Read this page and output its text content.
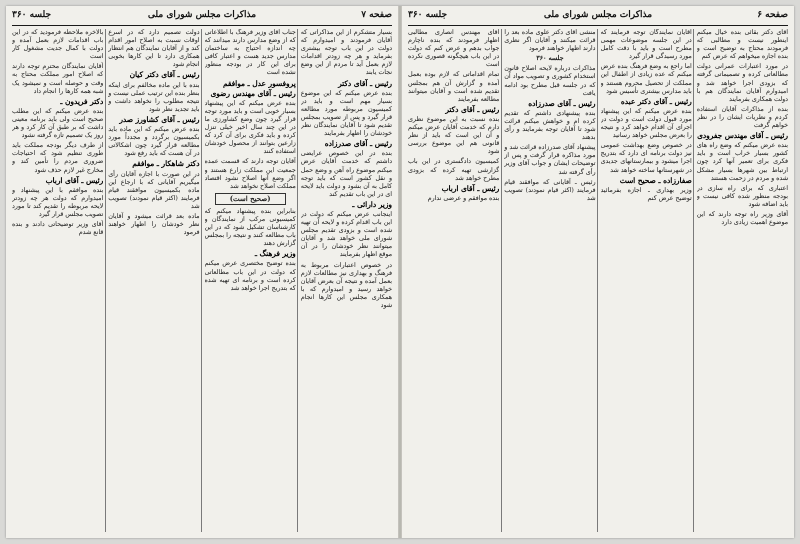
صفحه ۷
مذاکرات مجلس شورای ملی
جلسه ۳۶۰

بسیار متشکرم از این مذاکراتی که آقایان فرمودند و امیدوارم که دولت در این باب توجه بیشتری بفرماید و هر چه زودتر اقدامات لازم بعمل آید تا مردم از این وضع نجات یابند

رئیس ـ آقای دکتر

بنده عرض میکنم که این موضوع بسیار مهم است و باید در کمیسیون مربوطه مورد مطالعه قرار گیرد و پس از تصویب بمجلس تقدیم شود تا آقایان نمایندگان نظر خودشان را اظهار بفرمایند

رئیس ـ آقای صدرزاده

بنده در این خصوص عرایضی داشتم که خدمت آقایان عرض میکنم موضوع راه آهن و وضع حمل و نقل کشور است که باید توجه کامل به آن بشود و دولت باید لایحه ای در این باب تقدیم کند

وزیر دارائی ـ

اینجانب عرض میکنم که دولت در این باب اقدام کرده و لایحه آن تهیه شده است و بزودی تقدیم مجلس شورای ملی خواهد شد و آقایان میتوانند نظر خودشان را در آن موقع اظهار بفرمایند

در خصوص اعتبارات مربوط به فرهنگ و بهداری نیز مطالعات لازم بعمل آمده و نتیجه آن بعرض آقایان خواهد رسید و امیدوارم که با همکاری مجلس این کارها انجام شود

جناب آقای وزیر فرهنگ با اطلاعاتی که از وضع مدارس دارند میدانند که چه اندازه احتیاج به ساختمان مدارس جدید هست و اعتبار کافی برای این کار در بودجه منظور نشده است

پروفسور عدل ـ موافقم

رئیس ـ آقای مهندس رضوی

بنده عرض میکنم که این پیشنهاد بسیار خوبی است و باید مورد توجه قرار گیرد چون وضع کشاورزی ما در این چند سال اخیر خیلی تنزل کرده و باید فکری برای آن کرد که زارعین بتوانند از محصول خودشان استفاده کنند

آقایان توجه دارند که قسمت عمده جمعیت این مملکت زارع هستند و اگر وضع آنها اصلاح نشود اقتصاد مملکت اصلاح نخواهد شد

(صحیح است)

بنابراین بنده پیشنهاد میکنم که کمیسیونی مرکب از نمایندگان و کارشناسان تشکیل شود که در این باب مطالعه کنند و نتیجه را بمجلس گزارش دهند

وزیر فرهنگ ـ

بنده توضیح مختصری عرض میکنم که دولت در این باب مطالعاتی کرده است و برنامه ای تهیه شده که بتدریج اجرا خواهد شد

دولت تصمیم دارد که در اسرع اوقات نسبت به اصلاح امور اقدام کند و از آقایان نمایندگان هم انتظار همکاری دارد تا این کارها بخوبی انجام شود

رئیس ـ آقای دکتر کیان

بنده با این ماده مخالفم برای اینکه بنظر بنده این ترتیب عملی نیست و نتیجه مطلوب را نخواهد داشت و باید تجدید نظر شود

رئیس ـ آقای کشاورز صدر

بنده عرض میکنم که این ماده باید بکمیسیون برگردد و مجدداً مورد مطالعه قرار گیرد چون اشکالاتی در آن هست که باید رفع شود

دکتر شاهکار ـ موافقم

در این صورت با اجازه آقایان رأی میگیریم آقایانی که با ارجاع این ماده بکمیسیون موافقند قیام فرمایند (اکثر قیام نمودند) تصویب شد

ماده بعد قرائت میشود و آقایان نظر خودشان را اظهار خواهند فرمود

بالاخره ملاحظه فرمودید که در این باب اقدامات لازم بعمل آمده و دولت با کمال جدیت مشغول کار است

آقایان نمایندگان محترم توجه دارند که اصلاح امور مملکت محتاج به وقت و حوصله است و نمیشود یک شبه همه کارها را انجام داد

دکتر فریدون ـ

بنده عرض میکنم که این مطلب صحیح است ولی باید برنامه معینی داشت که بر طبق آن کار کرد و هر روز یک تصمیم تازه گرفته نشود

از طرف دیگر بودجه مملکت باید طوری تنظیم شود که احتیاجات ضروری مردم را تأمین کند و مخارج غیر لازم حذف شود

رئیس ـ آقای ارباب

بنده موافقم با این پیشنهاد و امیدوارم که دولت هر چه زودتر لایحه مربوطه را تقدیم کند تا مورد تصویب مجلس قرار گیرد

آقای وزیر توضیحاتی دادند و بنده قانع شدم

صفحه ۶
مذاکرات مجلس شورای ملی
جلسه ۳۶۰

آقای دکتر بقائی بنده خیال میکنم اینطور نیست و مطالبی که فرمودند محتاج به توضیح است و بنده اجازه میخواهم که عرض کنم

در مورد اعتبارات عمرانی دولت مطالعاتی کرده و تصمیماتی گرفته که بزودی اجرا خواهد شد و امیدوارم آقایان نمایندگان هم با دولت همکاری بفرمایند

بنده از مذاکرات آقایان استفاده کردم و نظریات ایشان را در نظر خواهم گرفت

رئیس ـ آقای مهندس جفرودی

بنده عرض میکنم که وضع راه های کشور بسیار خراب است و باید فکری برای تعمیر آنها کرد چون ارتباط بین شهرها بسیار مشکل شده و مردم در زحمت هستند

اعتباری که برای راه سازی در بودجه منظور شده کافی نیست و باید اضافه شود

آقای وزیر راه توجه دارند که این موضوع اهمیت زیادی دارد

آقایان نمایندگان توجه فرمایند که در این جلسه موضوعات مهمی مطرح است و باید با دقت کامل مورد رسیدگی قرار گیرد

اما راجع به وضع فرهنگ بنده عرض میکنم که عده زیادی از اطفال این مملکت از تحصیل محروم هستند و باید مدارس بیشتری تأسیس شود

رئیس ـ آقای دکتر عبده

بنده عرض میکنم که این پیشنهاد مورد قبول دولت است و دولت در اجرای آن اقدام خواهد کرد و نتیجه را بعرض مجلس خواهد رسانید

در خصوص وضع بهداشت عمومی نیز دولت برنامه ای دارد که بتدریج اجرا میشود و بیمارستانهای جدیدی در شهرستانها ساخته خواهد شد

صفارزاده ـ صحیح است

وزیر بهداری ـ اجازه بفرمائید توضیح عرض کنم

منشی آقای دکتر علوی ماده بعد را قرائت میکنند و آقایان اگر نظری دارند اظهار خواهند فرمود

جلسه ۳۶۰

مذاکرات درباره لایحه اصلاح قانون استخدام کشوری و تصویب مواد آن که در جلسه قبل مطرح بود ادامه یافت

رئیس ـ آقای صدرزاده

بنده پیشنهادی داشتم که تقدیم کرده ام و خواهش میکنم قرائت شود تا آقایان توجه بفرمایند و رأی بدهند

پیشنهاد آقای صدرزاده قرائت شد و مورد مذاکره قرار گرفت و پس از توضیحات ایشان و جواب آقای وزیر رأی گرفته شد

رئیس ـ آقایانی که موافقند قیام فرمایند (اکثر قیام نمودند) تصویب شد

آقای مهندس انصاری مطالبی اظهار فرمودند که بنده ناچارم جواب بدهم و عرض کنم که دولت در این باب هیچگونه قصوری نکرده است

تمام اقداماتی که لازم بوده بعمل آمده و گزارش آن هم بمجلس تقدیم شده است و آقایان میتوانند مطالعه بفرمایند

رئیس ـ آقای دکتر

بنده نسبت به این موضوع نظری دارم که خدمت آقایان عرض میکنم و آن این است که باید از نظر قانونی هم این موضوع بررسی شود

کمیسیون دادگستری در این باب گزارشی تهیه کرده که بزودی مطرح خواهد شد

رئیس ـ آقای ارباب

بنده موافقم و عرضی ندارم
